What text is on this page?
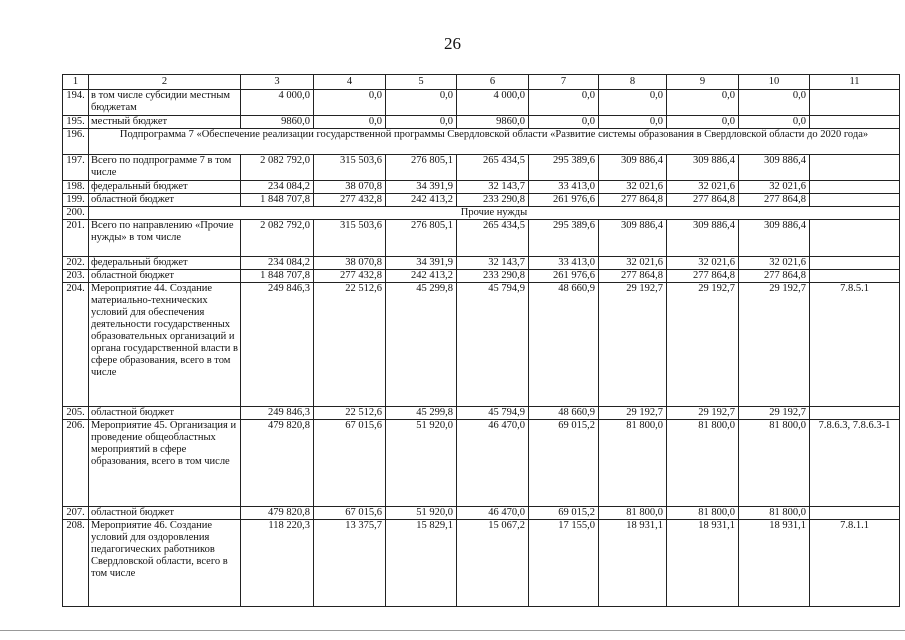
26
1	2	3	4	5	6	7	8	9	10	11
194.	в том числе субсидии местным бюджетам	4 000,0	0,0	0,0	4 000,0	0,0	0,0	0,0	0,0	
195.	местный бюджет	9860,0	0,0	0,0	9860,0	0,0	0,0	0,0	0,0	
196.	Подпрограмма 7 «Обеспечение реализации государственной программы Свердловской области «Развитие системы образования в Свердловской области до 2020 года»									
197.	Всего по подпрограмме 7 в том числе	2 082 792,0	315 503,6	276 805,1	265 434,5	295 389,6	309 886,4	309 886,4	309 886,4	
198.	федеральный бюджет	234 084,2	38 070,8	34 391,9	32 143,7	33 413,0	32 021,6	32 021,6	32 021,6	
199.	областной бюджет	1 848 707,8	277 432,8	242 413,2	233 290,8	261 976,6	277 864,8	277 864,8	277 864,8	
200.	Прочие нужды									
201.	Всего по направлению «Прочие нужды» в том числе	2 082 792,0	315 503,6	276 805,1	265 434,5	295 389,6	309 886,4	309 886,4	309 886,4	
202.	федеральный бюджет	234 084,2	38 070,8	34 391,9	32 143,7	33 413,0	32 021,6	32 021,6	32 021,6	
203.	областной бюджет	1 848 707,8	277 432,8	242 413,2	233 290,8	261 976,6	277 864,8	277 864,8	277 864,8	
204.	Мероприятие 44. Создание материально-технических условий для обеспечения деятельности государственных образовательных организаций и органа государственной власти в сфере образования, всего в том числе	249 846,3	22 512,6	45 299,8	45 794,9	48 660,9	29 192,7	29 192,7	29 192,7	7.8.5.1
205.	областной бюджет	249 846,3	22 512,6	45 299,8	45 794,9	48 660,9	29 192,7	29 192,7	29 192,7	
206.	Мероприятие 45. Организация и проведение общеобластных мероприятий в сфере образования, всего в том числе	479 820,8	67 015,6	51 920,0	46 470,0	69 015,2	81 800,0	81 800,0	81 800,0	7.8.6.3, 7.8.6.3-1
207.	областной бюджет	479 820,8	67 015,6	51 920,0	46 470,0	69 015,2	81 800,0	81 800,0	81 800,0	
208.	Мероприятие 46. Создание условий для оздоровления педагогических работников Свердловской области, всего в том числе	118 220,3	13 375,7	15 829,1	15 067,2	17 155,0	18 931,1	18 931,1	18 931,1	7.8.1.1
